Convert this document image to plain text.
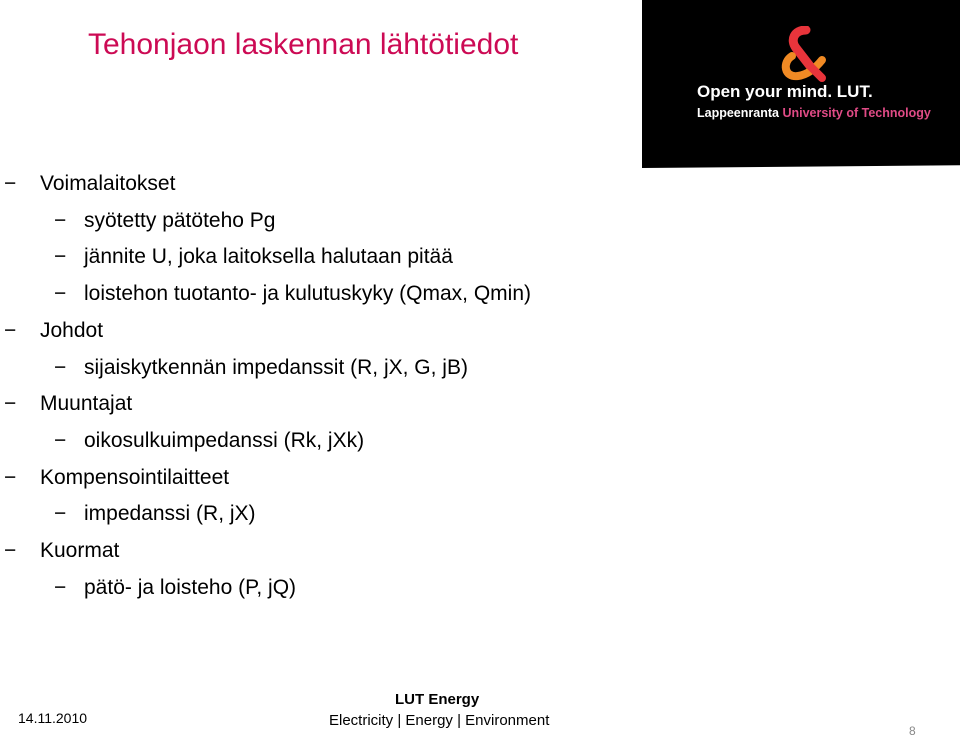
Tehonjaon laskennan lähtötiedot
Open your mind. LUT.
Lappeenranta University of Technology
− Voimalaitokset
− syötetty pätöteho Pg
− jännite U, joka laitoksella halutaan pitää
− loistehon tuotanto- ja kulutuskyky (Qmax, Qmin)
− Johdot
− sijaiskytkennän impedanssit (R, jX, G, jB)
− Muuntajat
− oikosulkuimpedanssi (Rk, jXk)
− Kompensointilaitteet
− impedanssi (R, jX)
− Kuormat
− pätö- ja loisteho (P, jQ)
14.11.2010
LUT Energy
Electricity | Energy | Environment
8
